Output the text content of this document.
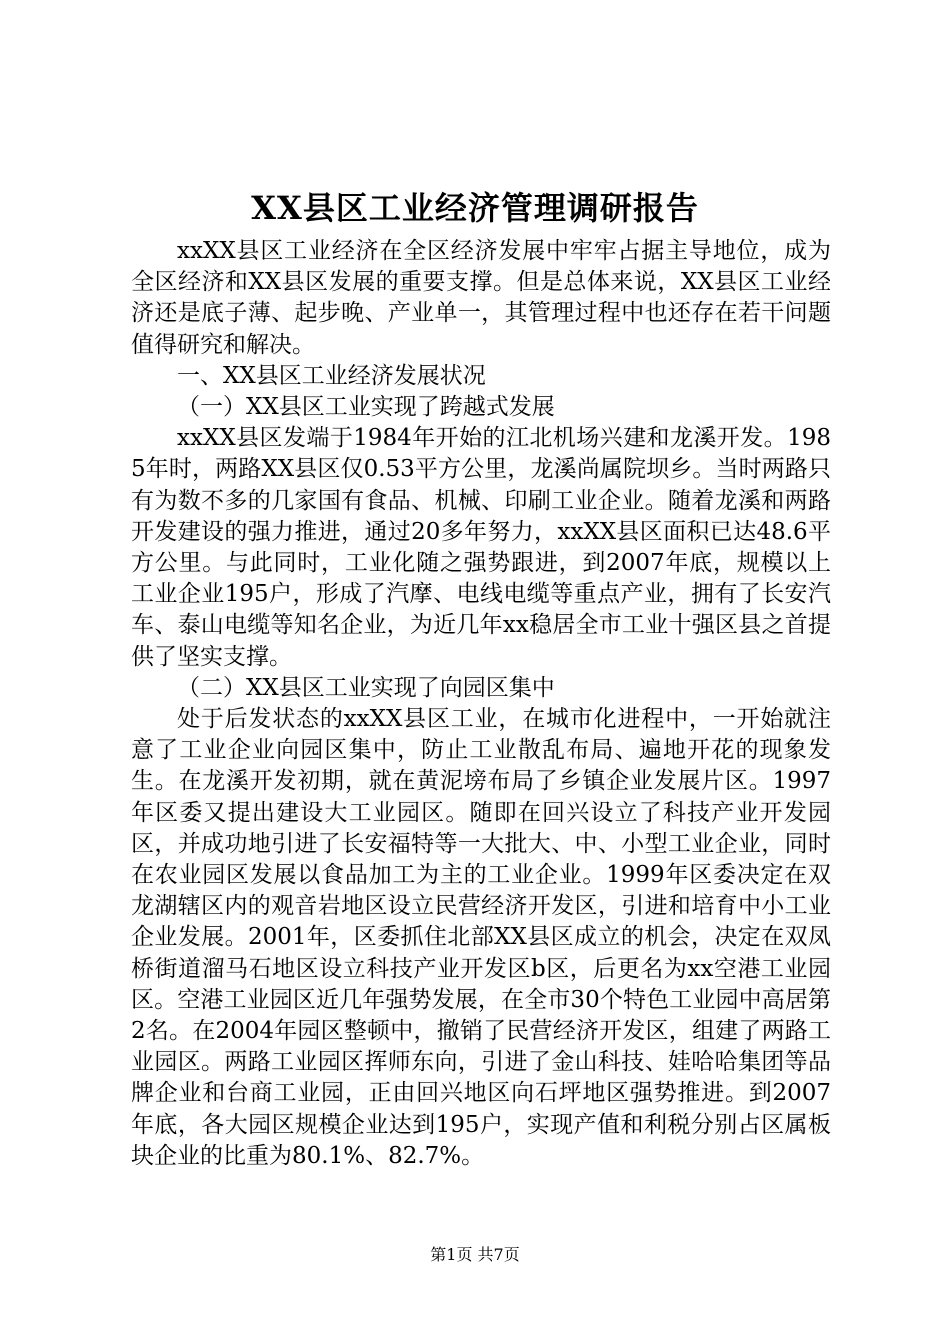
XX县区工业经济管理调研报告

xxXX县区工业经济在全区经济发展中牢牢占据主导地位，成为全区经济和XX县区发展的重要支撑。但是总体来说，XX县区工业经济还是底子薄、起步晚、产业单一，其管理过程中也还存在若干问题值得研究和解决。

一、XX县区工业经济发展状况

（一）XX县区工业实现了跨越式发展

xxXX县区发端于1984年开始的江北机场兴建和龙溪开发。1985年时，两路XX县区仅0.53平方公里，龙溪尚属院坝乡。当时两路只有为数不多的几家国有食品、机械、印刷工业企业。随着龙溪和两路开发建设的强力推进，通过20多年努力，xxXX县区面积已达48.6平方公里。与此同时，工业化随之强势跟进，到2007年底，规模以上工业企业195户，形成了汽摩、电线电缆等重点产业，拥有了长安汽车、泰山电缆等知名企业，为近几年xx稳居全市工业十强区县之首提供了坚实支撑。

（二）XX县区工业实现了向园区集中

处于后发状态的xxXX县区工业，在城市化进程中，一开始就注意了工业企业向园区集中，防止工业散乱布局、遍地开花的现象发生。在龙溪开发初期，就在黄泥塝布局了乡镇企业发展片区。1997年区委又提出建设大工业园区。随即在回兴设立了科技产业开发园区，并成功地引进了长安福特等一大批大、中、小型工业企业，同时在农业园区发展以食品加工为主的工业企业。1999年区委决定在双龙湖辖区内的观音岩地区设立民营经济开发区，引进和培育中小工业企业发展。2001年，区委抓住北部XX县区成立的机会，决定在双凤桥街道溜马石地区设立科技产业开发区b区，后更名为xx空港工业园区。空港工业园区近几年强势发展，在全市30个特色工业园中高居第2名。在2004年园区整顿中，撤销了民营经济开发区，组建了两路工业园区。两路工业园区挥师东向，引进了金山科技、娃哈哈集团等品牌企业和台商工业园，正由回兴地区向石坪地区强势推进。到2007年底，各大园区规模企业达到195户，实现产值和利税分别占区属板块企业的比重为80.1%、82.7%。

第1页 共7页
